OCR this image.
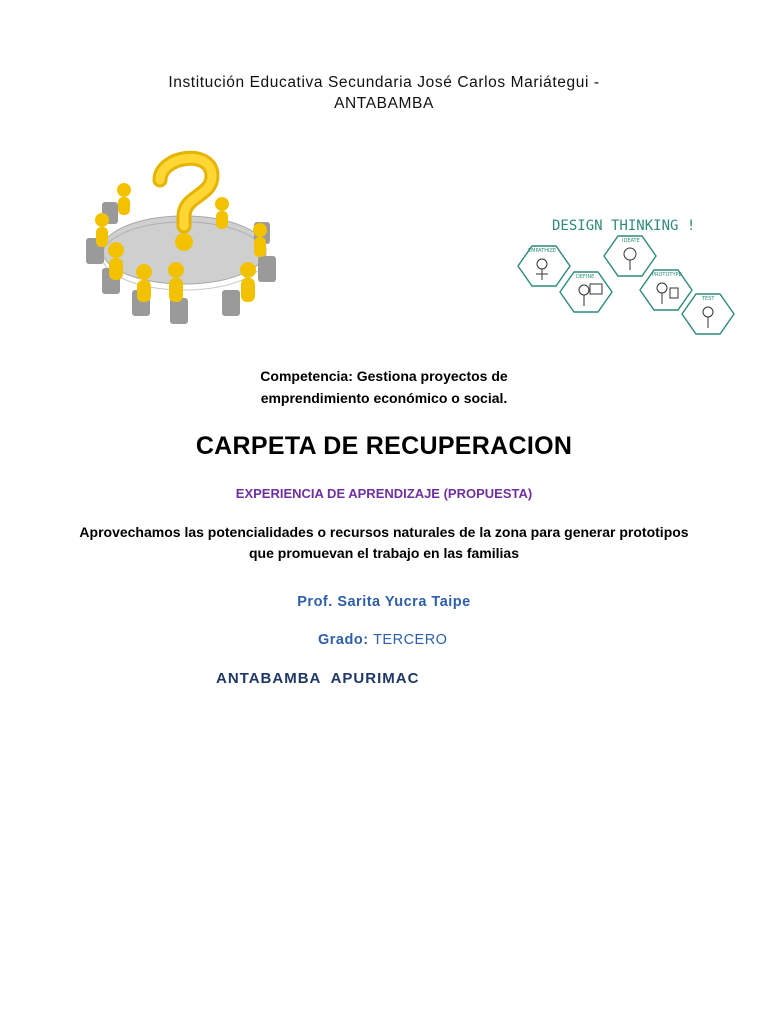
Institución Educativa Secundaria José Carlos Mariátegui -
ANTABAMBA
DESIGN THINKING !
EMPATHIZE
DEFINE
IDEATE
PROTOTYPE
TEST
Competencia: Gestiona proyectos de
emprendimiento económico o social.
CARPETA DE RECUPERACION
EXPERIENCIA DE APRENDIZAJE (PROPUESTA)
Aprovechamos las potencialidades o recursos naturales de la zona para generar prototipos
que promuevan el trabajo en las familias
Prof. Sarita Yucra Taipe
Grado: TERCERO
ANTABAMBA  APURIMAC
